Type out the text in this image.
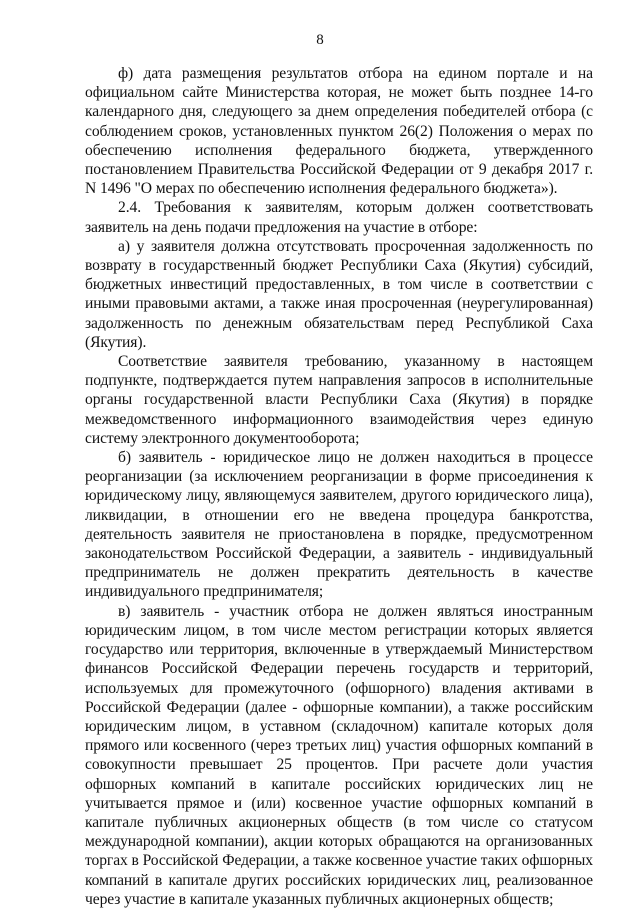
8

ф) дата размещения результатов отбора на едином портале и на официальном сайте Министерства которая, не может быть позднее 14-го календарного дня, следующего за днем определения победителей отбора (с соблюдением сроков, установленных пунктом 26(2) Положения о мерах по обеспечению исполнения федерального бюджета, утвержденного постановлением Правительства Российской Федерации от 9 декабря 2017 г. N 1496 "О мерах по обеспечению исполнения федерального бюджета»).

2.4. Требования к заявителям, которым должен соответствовать заявитель на день подачи предложения на участие в отборе:

а) у заявителя должна отсутствовать просроченная задолженность по возврату в государственный бюджет Республики Саха (Якутия) субсидий, бюджетных инвестиций предоставленных, в том числе в соответствии с иными правовыми актами, а также иная просроченная (неурегулированная) задолженность по денежным обязательствам перед Республикой Саха (Якутия).

Соответствие заявителя требованию, указанному в настоящем подпункте, подтверждается путем направления запросов в исполнительные органы государственной власти Республики Саха (Якутия) в порядке межведомственного информационного взаимодействия через единую систему электронного документооборота;

б) заявитель - юридическое лицо не должен находиться в процессе реорганизации (за исключением реорганизации в форме присоединения к юридическому лицу, являющемуся заявителем, другого юридического лица), ликвидации, в отношении его не введена процедура банкротства, деятельность заявителя не приостановлена в порядке, предусмотренном законодательством Российской Федерации, а заявитель - индивидуальный предприниматель не должен прекратить деятельность в качестве индивидуального предпринимателя;

в) заявитель - участник отбора не должен являться иностранным юридическим лицом, в том числе местом регистрации которых является государство или территория, включенные в утверждаемый Министерством финансов Российской Федерации перечень государств и территорий, используемых для промежуточного (офшорного) владения активами в Российской Федерации (далее - офшорные компании), а также российским юридическим лицом, в уставном (складочном) капитале которых доля прямого или косвенного (через третьих лиц) участия офшорных компаний в совокупности превышает 25 процентов. При расчете доли участия офшорных компаний в капитале российских юридических лиц не учитывается прямое и (или) косвенное участие офшорных компаний в капитале публичных акционерных обществ (в том числе со статусом международной компании), акции которых обращаются на организованных торгах в Российской Федерации, а также косвенное участие таких офшорных компаний в капитале других российских юридических лиц, реализованное через участие в капитале указанных публичных акционерных обществ;
